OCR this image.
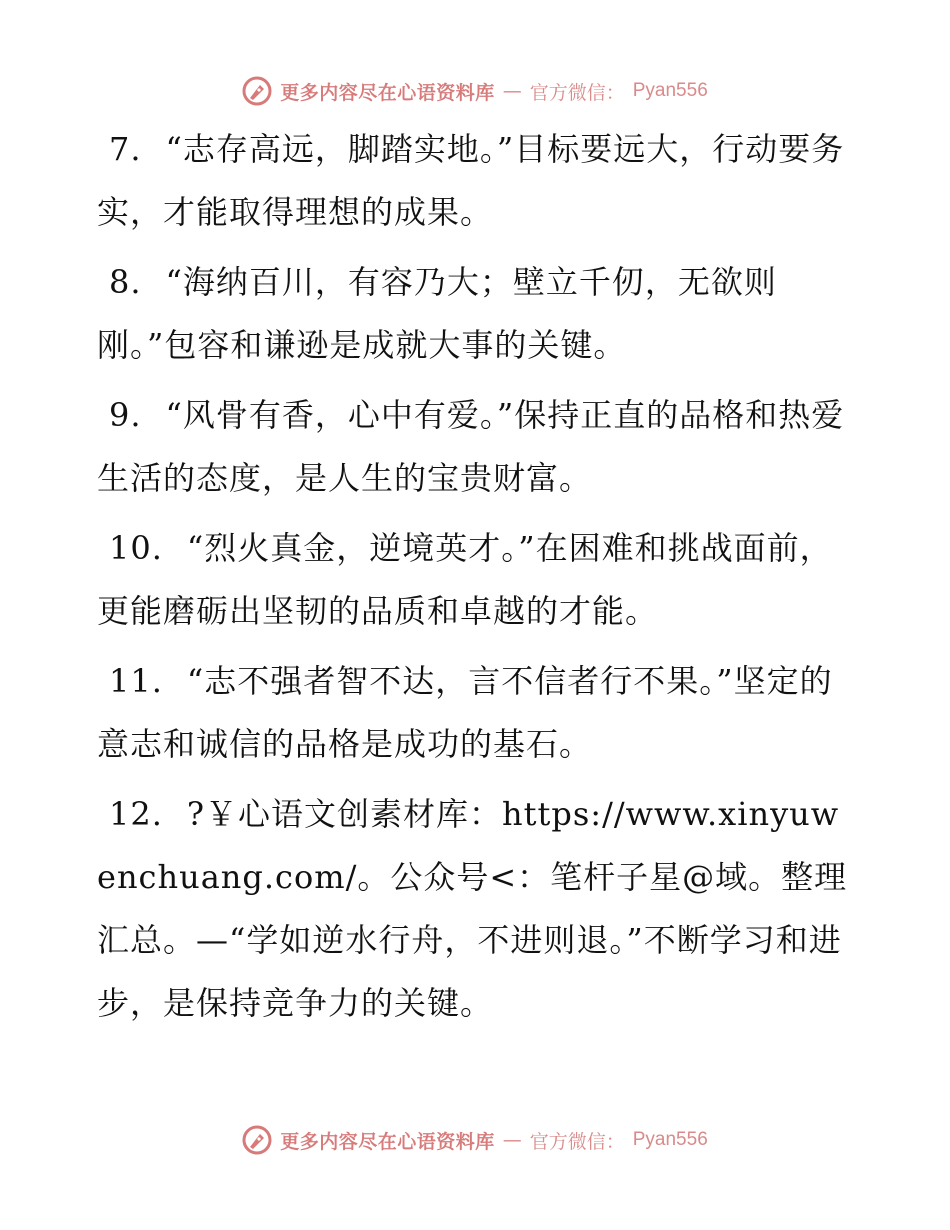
更多内容尽在心语资料库 — 官方微信： Pyan556

7. “志存高远，脚踏实地。”目标要远大，行动要务实，才能取得理想的成果。

8. “海纳百川，有容乃大；壁立千仞，无欲则刚。”包容和谦逊是成就大事的关键。

9. “风骨有香，心中有爱。”保持正直的品格和热爱生活的态度，是人生的宝贵财富。

10. “烈火真金，逆境英才。”在困难和挑战面前，更能磨砺出坚韧的品质和卓越的才能。

11. “志不强者智不达，言不信者行不果。”坚定的意志和诚信的品格是成功的基石。

12. ?￥心语文创素材库：https://www.xinyuwenchuang.com/。公众号<：笔杆子星@域。整理汇总。—“学如逆水行舟，不进则退。”不断学习和进步，是保持竞争力的关键。

更多内容尽在心语资料库 — 官方微信： Pyan556
